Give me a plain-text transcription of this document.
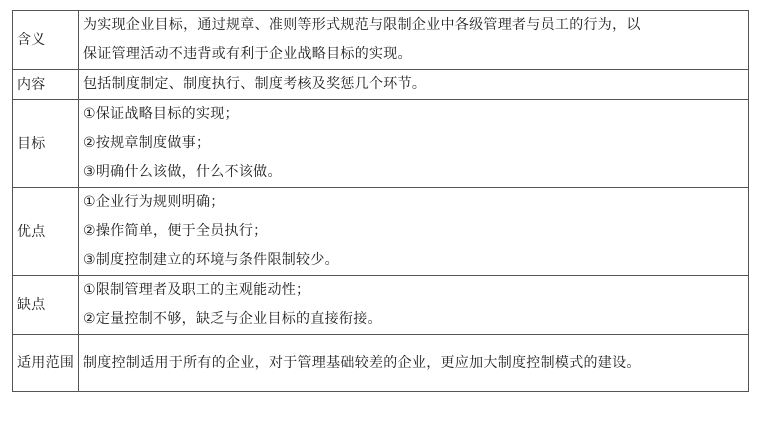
含义	为实现企业目标，通过规章、准则等形式规范与限制企业中各级管理者与员工的行为，以
保证管理活动不违背或有利于企业战略目标的实现。

内容	包括制度制定、制度执行、制度考核及奖惩几个环节。

目标	①保证战略目标的实现；
②按规章制度做事；
③明确什么该做，什么不该做。

优点	①企业行为规则明确；
②操作简单，便于全员执行；
③制度控制建立的环境与条件限制较少。

缺点	①限制管理者及职工的主观能动性；
②定量控制不够，缺乏与企业目标的直接衔接。

适用范围	制度控制适用于所有的企业，对于管理基础较差的企业，更应加大制度控制模式的建设。
